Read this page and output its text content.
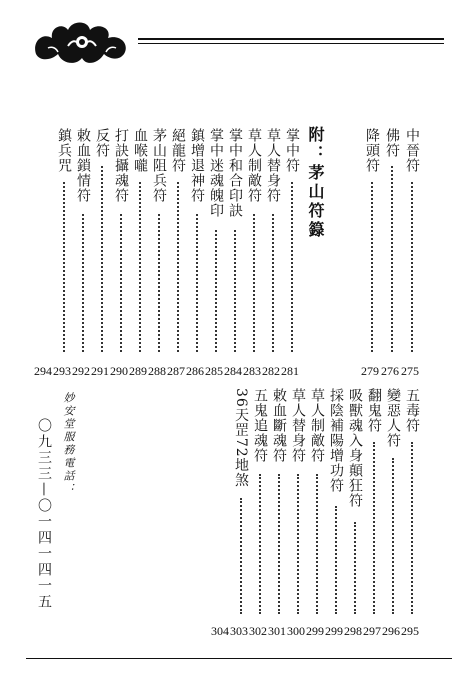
附：茅山符籙
妙安堂服務電話：
〇九三三—〇一四一四一五
中晉符
275
佛符
276
降頭符
279
掌中符
281
草人替身符
282
草人制敵符
283
掌中和合印訣
284
掌中迷魂魄印
285
鎮增退神符
286
絕龍符
287
茅山阻兵符
288
血喉嚨
289
打訣攝魂符
290
反符
291
敕血鎖情符
292
鎮兵咒
293
294
五毒符
295
變惡人符
296
翻鬼符
297
吸獸魂入身顛狂符
298
採陰補陽增功符
299
草人制敵符
299
草人替身符
300
敕血斷魂符
301
五鬼追魂符
302
36天罡72地煞
303
304
